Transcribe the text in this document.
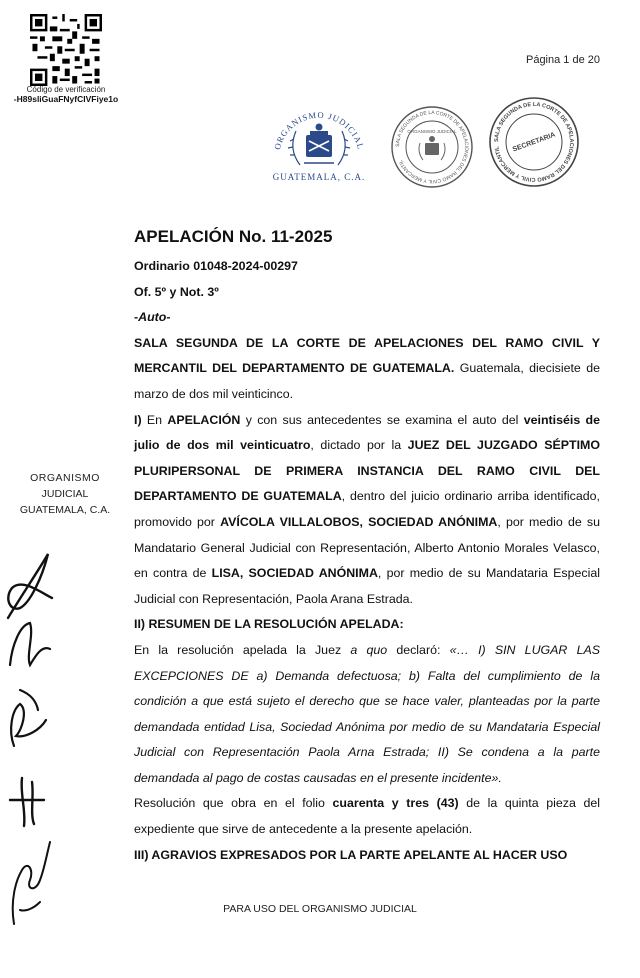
Código de verificación
-H89sliGuaFNyfCIVFiye1o
Página 1 de 20
ORGANISMO JUDICIAL
GUATEMALA, C.A.
SALA SEGUNDA DE LA CORTE DE APELACIONES DEL RAMO CIVIL Y MERCANTIL
ORGANISMO JUDICIAL
SALA SEGUNDA DE LA CORTE DE APELACIONES DEL RAMO CIVIL Y MERCANTIL	SECRETARIA
ORGANISMO
JUDICIAL
GUATEMALA, C.A.
APELACIÓN No. 11-2025

Ordinario 01048-2024-00297

Of. 5º y Not. 3º

-Auto-

SALA SEGUNDA DE LA CORTE DE APELACIONES DEL RAMO CIVIL Y MERCANTIL DEL DEPARTAMENTO DE GUATEMALA. Guatemala, diecisiete de marzo de dos mil veinticinco.

I) En APELACIÓN y con sus antecedentes se examina el auto del veintiséis de julio de dos mil veinticuatro, dictado por la JUEZ DEL JUZGADO SÉPTIMO PLURIPERSONAL DE PRIMERA INSTANCIA DEL RAMO CIVIL DEL DEPARTAMENTO DE GUATEMALA, dentro del juicio ordinario arriba identificado, promovido por AVÍCOLA VILLALOBOS, SOCIEDAD ANÓNIMA, por medio de su Mandatario General Judicial con Representación, Alberto Antonio Morales Velasco, en contra de LISA, SOCIEDAD ANÓNIMA, por medio de su Mandataria Especial Judicial con Representación, Paola Arana Estrada.

II) RESUMEN DE LA RESOLUCIÓN APELADA:

En la resolución apelada la Juez a quo declaró: «… I) SIN LUGAR LAS EXCEPCIONES DE a) Demanda defectuosa; b) Falta del cumplimiento de la condición a que está sujeto el derecho que se hace valer, planteadas por la parte demandada entidad Lisa, Sociedad Anónima por medio de su Mandataria Especial Judicial con Representación Paola Arna Estrada; II) Se condena a la parte demandada al pago de costas causadas en el presente incidente».

Resolución que obra en el folio cuarenta y tres (43) de la quinta pieza del expediente que sirve de antecedente a la presente apelación.

III) AGRAVIOS EXPRESADOS POR LA PARTE APELANTE AL HACER USO

PARA USO DEL ORGANISMO JUDICIAL
